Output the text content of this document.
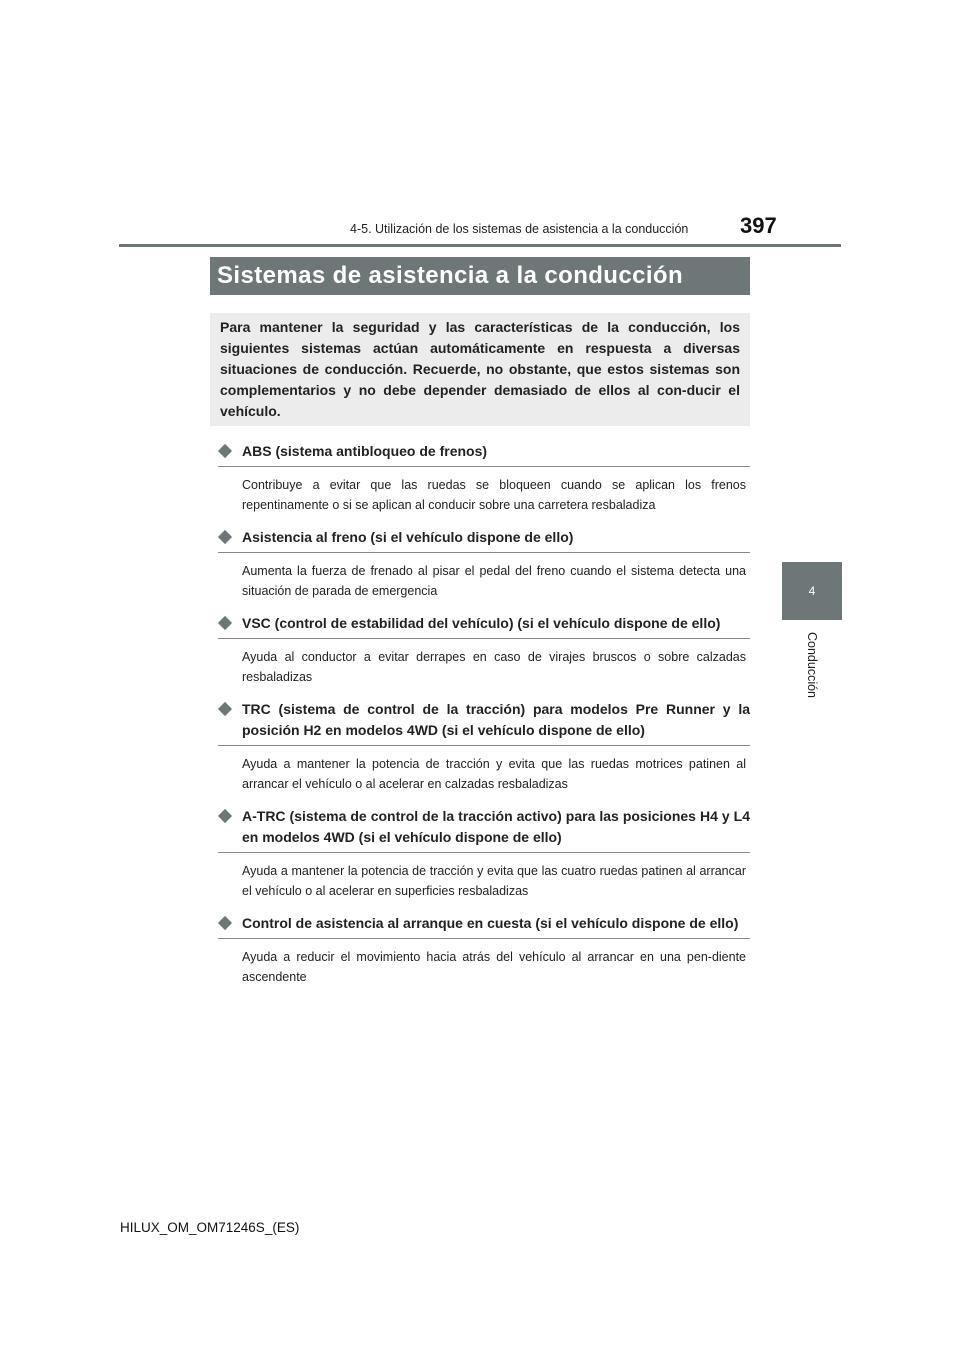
4-5. Utilización de los sistemas de asistencia a la conducción 397
4
Conducción
Sistemas de asistencia a la conducción
Para mantener la seguridad y las características de la conducción, los siguientes sistemas actúan automáticamente en respuesta a diversas situaciones de conducción. Recuerde, no obstante, que estos sistemas son complementarios y no debe depender demasiado de ellos al con-ducir el vehículo.
ABS (sistema antibloqueo de frenos)
Contribuye a evitar que las ruedas se bloqueen cuando se aplican los frenos repentinamente o si se aplican al conducir sobre una carretera resbaladiza
Asistencia al freno (si el vehículo dispone de ello)
Aumenta la fuerza de frenado al pisar el pedal del freno cuando el sistema detecta una situación de parada de emergencia
VSC (control de estabilidad del vehículo) (si el vehículo dispone de ello)
Ayuda al conductor a evitar derrapes en caso de virajes bruscos o sobre calzadas resbaladizas
TRC (sistema de control de la tracción) para modelos Pre Runner y la posición H2 en modelos 4WD (si el vehículo dispone de ello)
Ayuda a mantener la potencia de tracción y evita que las ruedas motrices patinen al arrancar el vehículo o al acelerar en calzadas resbaladizas
A-TRC (sistema de control de la tracción activo) para las posiciones H4 y L4 en modelos 4WD (si el vehículo dispone de ello)
Ayuda a mantener la potencia de tracción y evita que las cuatro ruedas patinen al arrancar el vehículo o al acelerar en superficies resbaladizas
Control de asistencia al arranque en cuesta (si el vehículo dispone de ello)
Ayuda a reducir el movimiento hacia atrás del vehículo al arrancar en una pen-diente ascendente
HILUX_OM_OM71246S_(ES)
